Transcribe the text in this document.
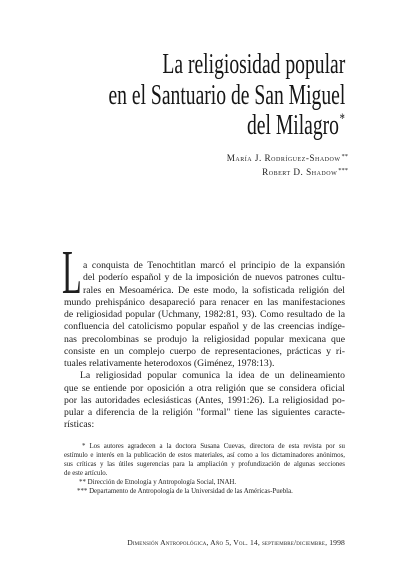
La religiosidad popular
en el Santuario de San Miguel
del Milagro*
María J. Rodríguez-Shadow**
Robert D. Shadow***
L a conquista de Tenochtitlan marcó el principio de la expansión
del poderío español y de la imposición de nuevos patrones cultu-
rales en Mesoamérica. De este modo, la sofisticada religión del
mundo prehispánico desapareció para renacer en las manifestaciones
de religiosidad popular (Uchmany, 1982:81, 93). Como resultado de la
confluencia del catolicismo popular español y de las creencias indíge-
nas precolombinas se produjo la religiosidad popular mexicana que
consiste en un complejo cuerpo de representaciones, prácticas y ri-
tuales relativamente heterodoxos (Giménez, 1978:13).
La religiosidad popular comunica la idea de un delineamiento
que se entiende por oposición a otra religión que se considera oficial
por las autoridades eclesiásticas (Antes, 1991:26). La religiosidad po-
pular a diferencia de la religión "formal" tiene las siguientes caracte-
rísticas:
* Los autores agradecen a la doctora Susana Cuevas, directora de esta revista por su
estímulo e interés en la publicación de estos materiales, así como a los dictaminadores anónimos,
sus críticas y las útiles sugerencias para la ampliación y profundización de algunas secciones
de este artículo.
** Dirección de Etnología y Antropología Social, INAH.
*** Departamento de Antropología de la Universidad de las Américas-Puebla.
Dimensión Antropológica, Año 5, Vol. 14, septiembre/diciembre, 1998
